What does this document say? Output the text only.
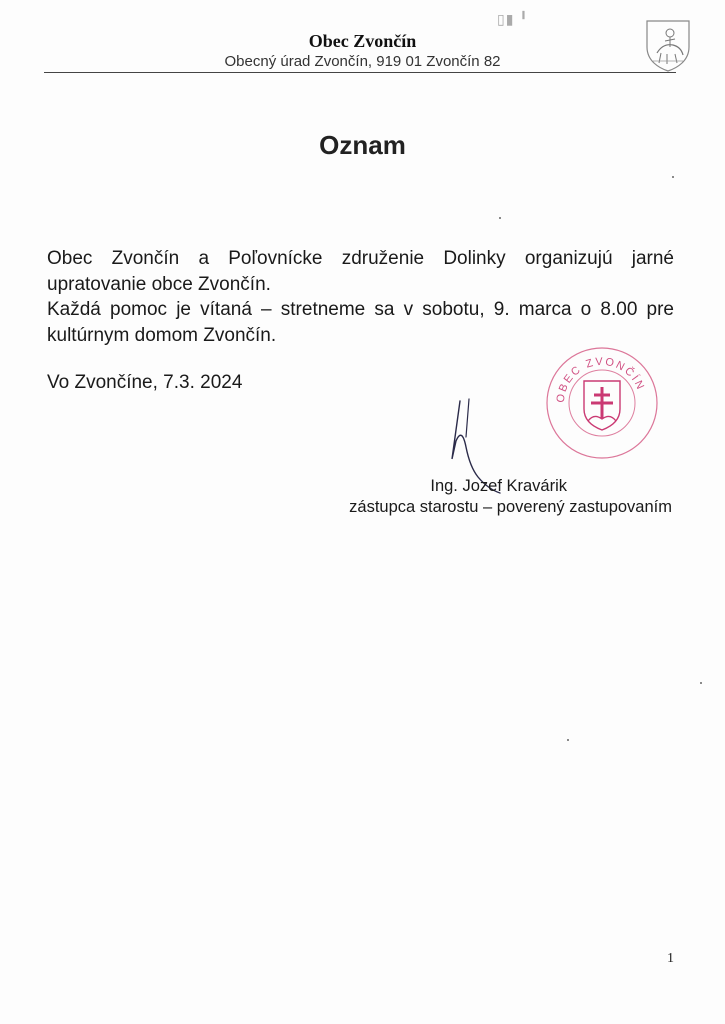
▯▮ ╹
Obec Zvončín
Obecný úrad Zvončín, 919 01 Zvončín 82
Oznam
Obec Zvončín a Poľovnícke združenie Dolinky organizujú jarné upratovanie obce Zvončín.
Každá pomoc je vítaná – stretneme sa v sobotu, 9. marca o 8.00 pre kultúrnym domom Zvončín.
Vo Zvončíne, 7.3. 2024
OBEC ZVONČÍN
Ing. Jozef Kravárik
zástupca starostu – poverený zastupovaním
1
